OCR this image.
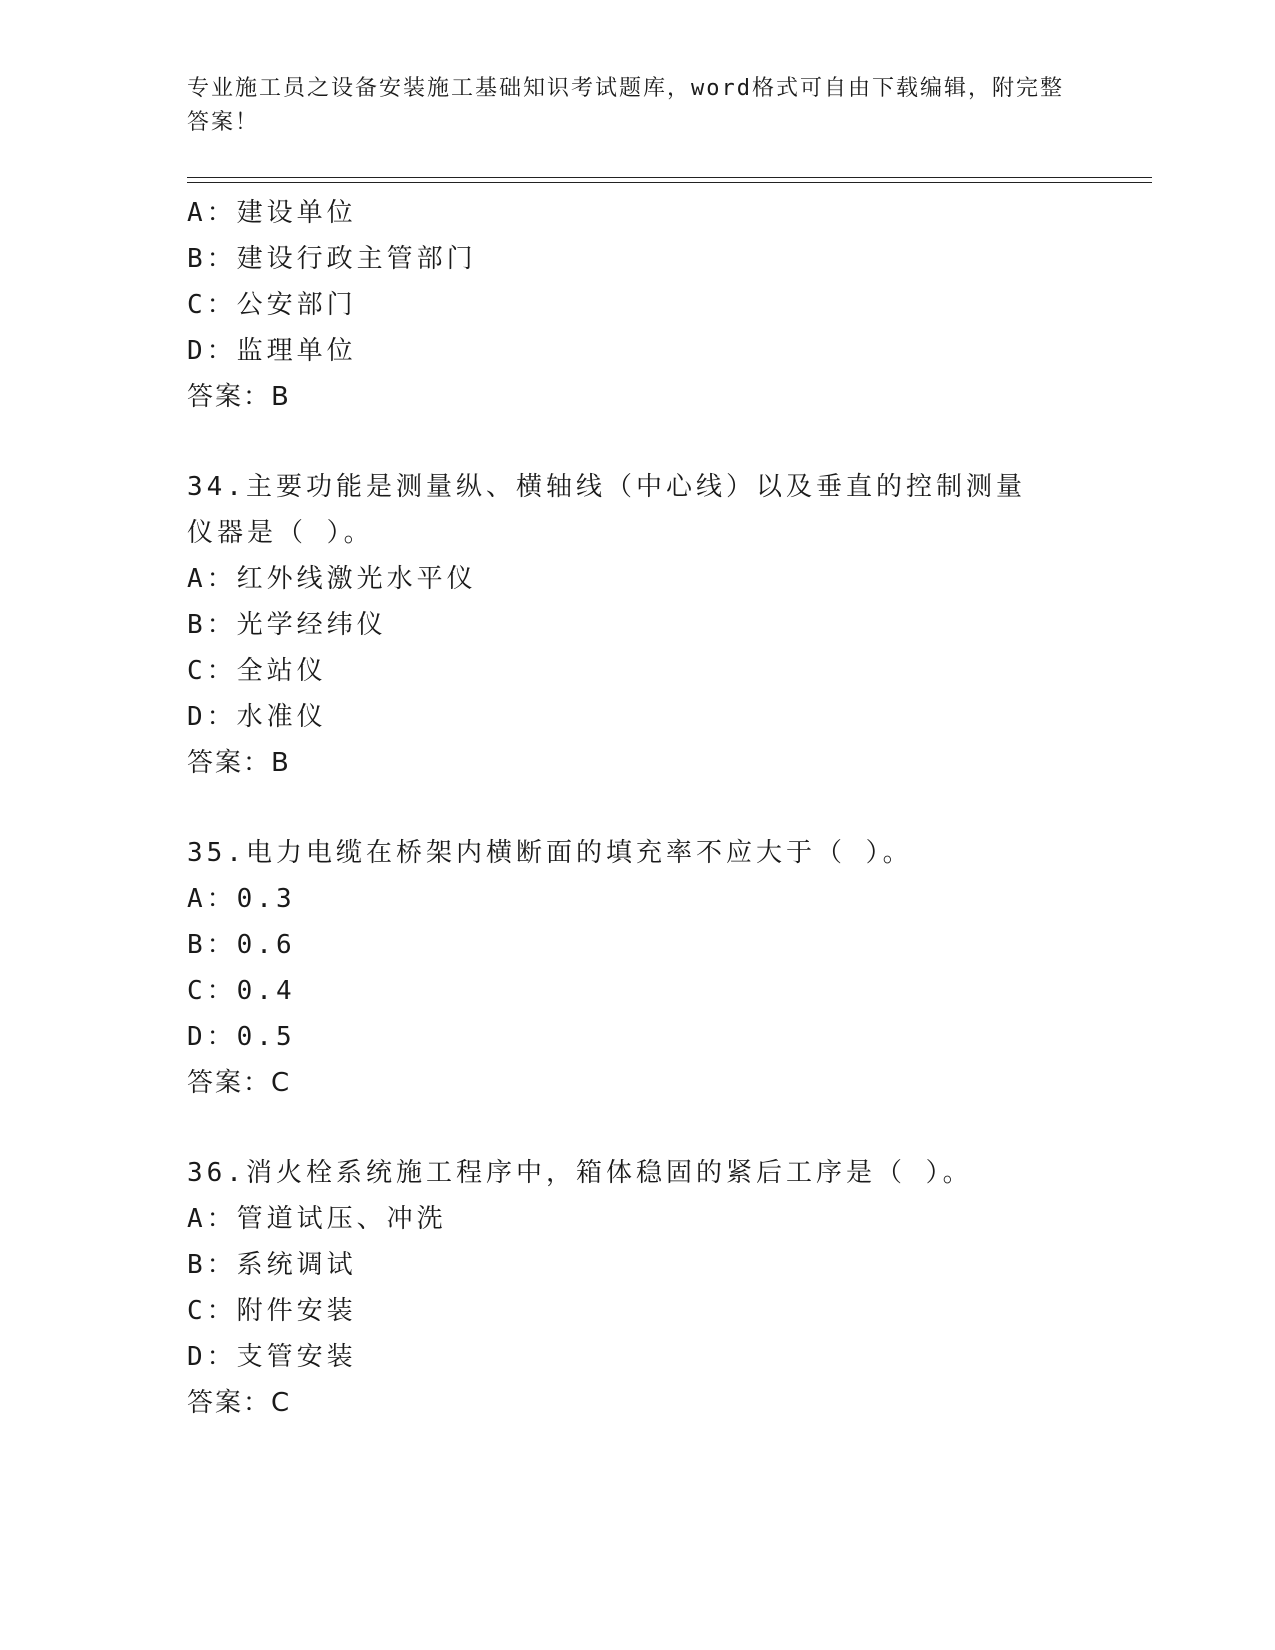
专业施工员之设备安装施工基础知识考试题库，word格式可自由下载编辑，附完整答案！
A：建设单位
B：建设行政主管部门
C：公安部门
D：监理单位
答案：B
34.主要功能是测量纵、横轴线（中心线）以及垂直的控制测量仪器是（ ）。
A：红外线激光水平仪
B：光学经纬仪
C：全站仪
D：水准仪
答案：B
35.电力电缆在桥架内横断面的填充率不应大于（ ）。
A：0.3
B：0.6
C：0.4
D：0.5
答案：C
36.消火栓系统施工程序中，箱体稳固的紧后工序是（ ）。
A：管道试压、冲洗
B：系统调试
C：附件安装
D：支管安装
答案：C
